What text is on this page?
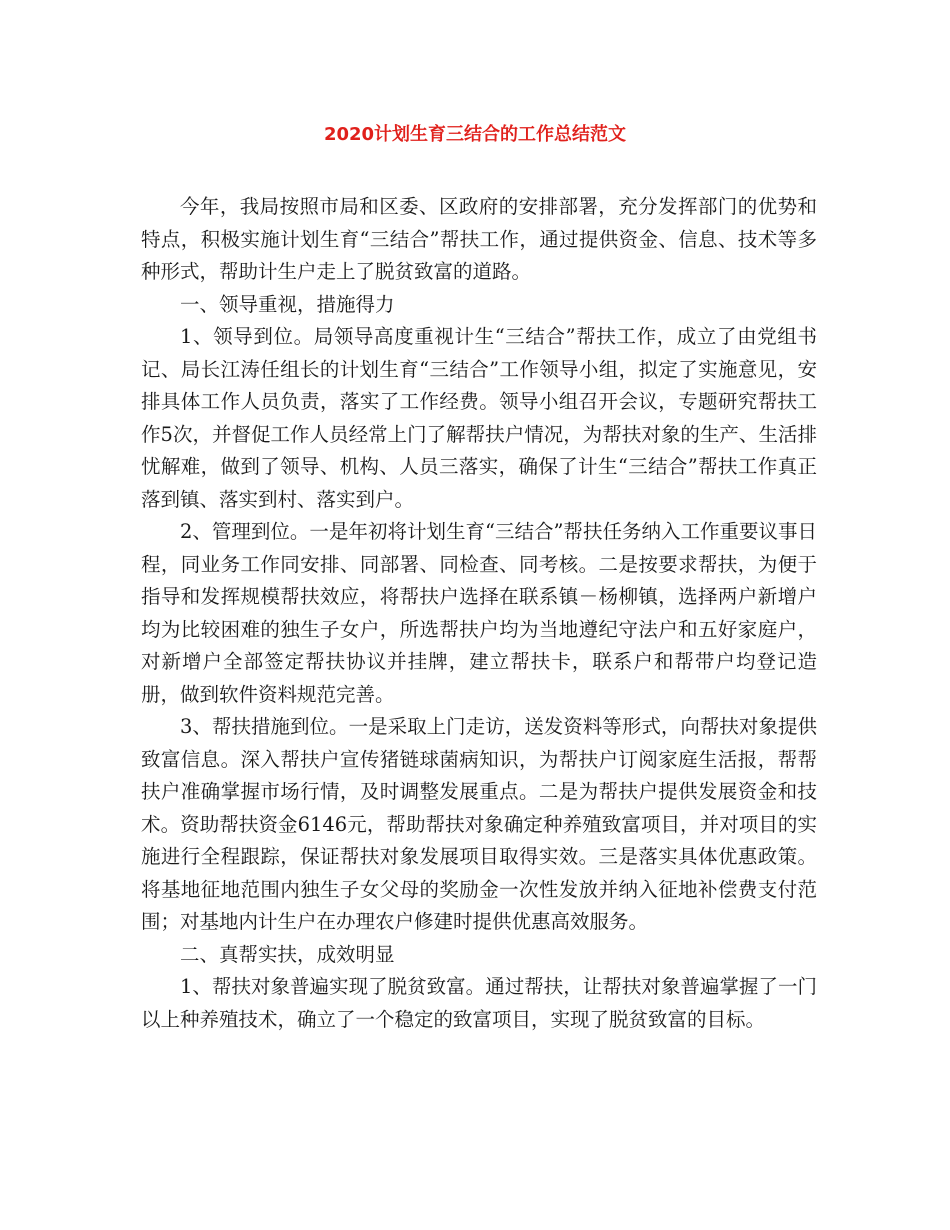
2020计划生育三结合的工作总结范文

今年，我局按照市局和区委、区政府的安排部署，充分发挥部门的优势和特点，积极实施计划生育“三结合”帮扶工作，通过提供资金、信息、技术等多种形式，帮助计生户走上了脱贫致富的道路。

一、领导重视，措施得力

1、领导到位。局领导高度重视计生“三结合”帮扶工作，成立了由党组书记、局长江涛任组长的计划生育“三结合”工作领导小组，拟定了实施意见，安排具体工作人员负责，落实了工作经费。领导小组召开会议，专题研究帮扶工作5次，并督促工作人员经常上门了解帮扶户情况，为帮扶对象的生产、生活排忧解难，做到了领导、机构、人员三落实，确保了计生“三结合”帮扶工作真正落到镇、落实到村、落实到户。

2、管理到位。一是年初将计划生育“三结合”帮扶任务纳入工作重要议事日程，同业务工作同安排、同部署、同检查、同考核。二是按要求帮扶，为便于指导和发挥规模帮扶效应，将帮扶户选择在联系镇－杨柳镇，选择两户新增户均为比较困难的独生子女户，所选帮扶户均为当地遵纪守法户和五好家庭户，对新增户全部签定帮扶协议并挂牌，建立帮扶卡，联系户和帮带户均登记造册，做到软件资料规范完善。

3、帮扶措施到位。一是采取上门走访，送发资料等形式，向帮扶对象提供致富信息。深入帮扶户宣传猪链球菌病知识，为帮扶户订阅家庭生活报，帮帮扶户准确掌握市场行情，及时调整发展重点。二是为帮扶户提供发展资金和技术。资助帮扶资金6146元，帮助帮扶对象确定种养殖致富项目，并对项目的实施进行全程跟踪，保证帮扶对象发展项目取得实效。三是落实具体优惠政策。将基地征地范围内独生子女父母的奖励金一次性发放并纳入征地补偿费支付范围；对基地内计生户在办理农户修建时提供优惠高效服务。

二、真帮实扶，成效明显

1、帮扶对象普遍实现了脱贫致富。通过帮扶，让帮扶对象普遍掌握了一门以上种养殖技术，确立了一个稳定的致富项目，实现了脱贫致富的目标。
